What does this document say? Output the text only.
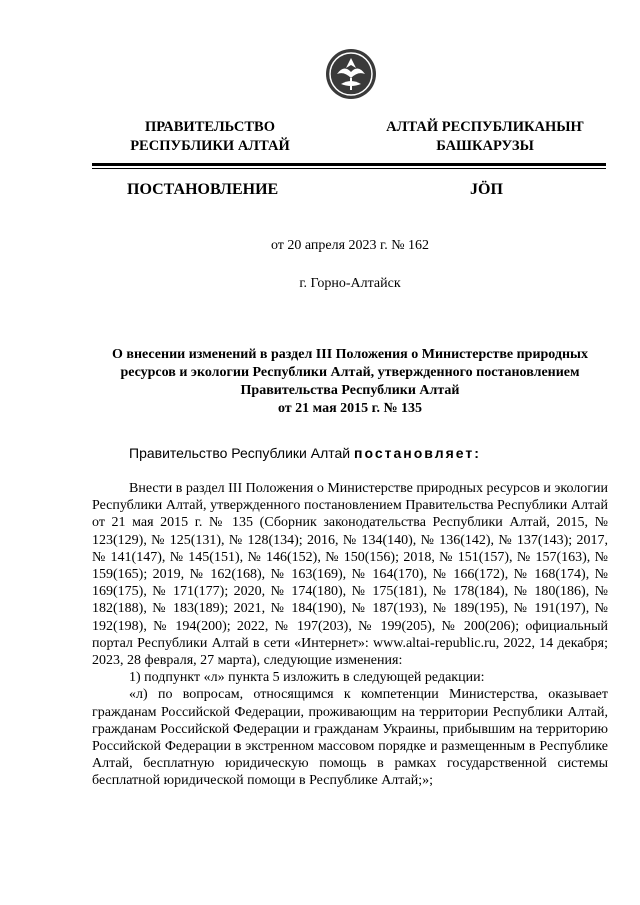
ПРАВИТЕЛЬСТВО
РЕСПУБЛИКИ АЛТАЙ
АЛТАЙ РЕСПУБЛИКАНЫҤ
БАШКАРУЗЫ
ПОСТАНОВЛЕНИЕ	JӦП
от 20 апреля 2023 г. № 162
г. Горно-Алтайск
О внесении изменений в раздел III Положения о Министерстве природных
ресурсов и экологии Республики Алтай, утвержденного постановлением
Правительства Республики Алтай
от 21 мая 2015 г. № 135
Правительство Республики Алтай постановляет:

Внести в раздел III Положения о Министерстве природных ресурсов и экологии Республики Алтай, утвержденного постановлением Правительства Республики Алтай от 21 мая 2015 г. № 135 (Сборник законодательства Республики Алтай, 2015, № 123(129), № 125(131), № 128(134); 2016, № 134(140), № 136(142), № 137(143); 2017, № 141(147), № 145(151), № 146(152), № 150(156); 2018, № 151(157), № 157(163), № 159(165); 2019, № 162(168), № 163(169), № 164(170), № 166(172), № 168(174), № 169(175), № 171(177); 2020, № 174(180), № 175(181), № 178(184), № 180(186), № 182(188), № 183(189); 2021, № 184(190), № 187(193), № 189(195), № 191(197), № 192(198), № 194(200); 2022, № 197(203), № 199(205), № 200(206); официальный портал Республики Алтай в сети «Интернет»: www.altai-republic.ru, 2022, 14 декабря; 2023, 28 февраля, 27 марта), следующие изменения:

1) подпункт «л» пункта 5 изложить в следующей редакции:

«л) по вопросам, относящимся к компетенции Министерства, оказывает гражданам Российской Федерации, проживающим на территории Республики Алтай, гражданам Российской Федерации и гражданам Украины, прибывшим на территорию Российской Федерации в экстренном массовом порядке и размещенным в Республике Алтай, бесплатную юридическую помощь в рамках государственной системы бесплатной юридической помощи в Республике Алтай;»;
